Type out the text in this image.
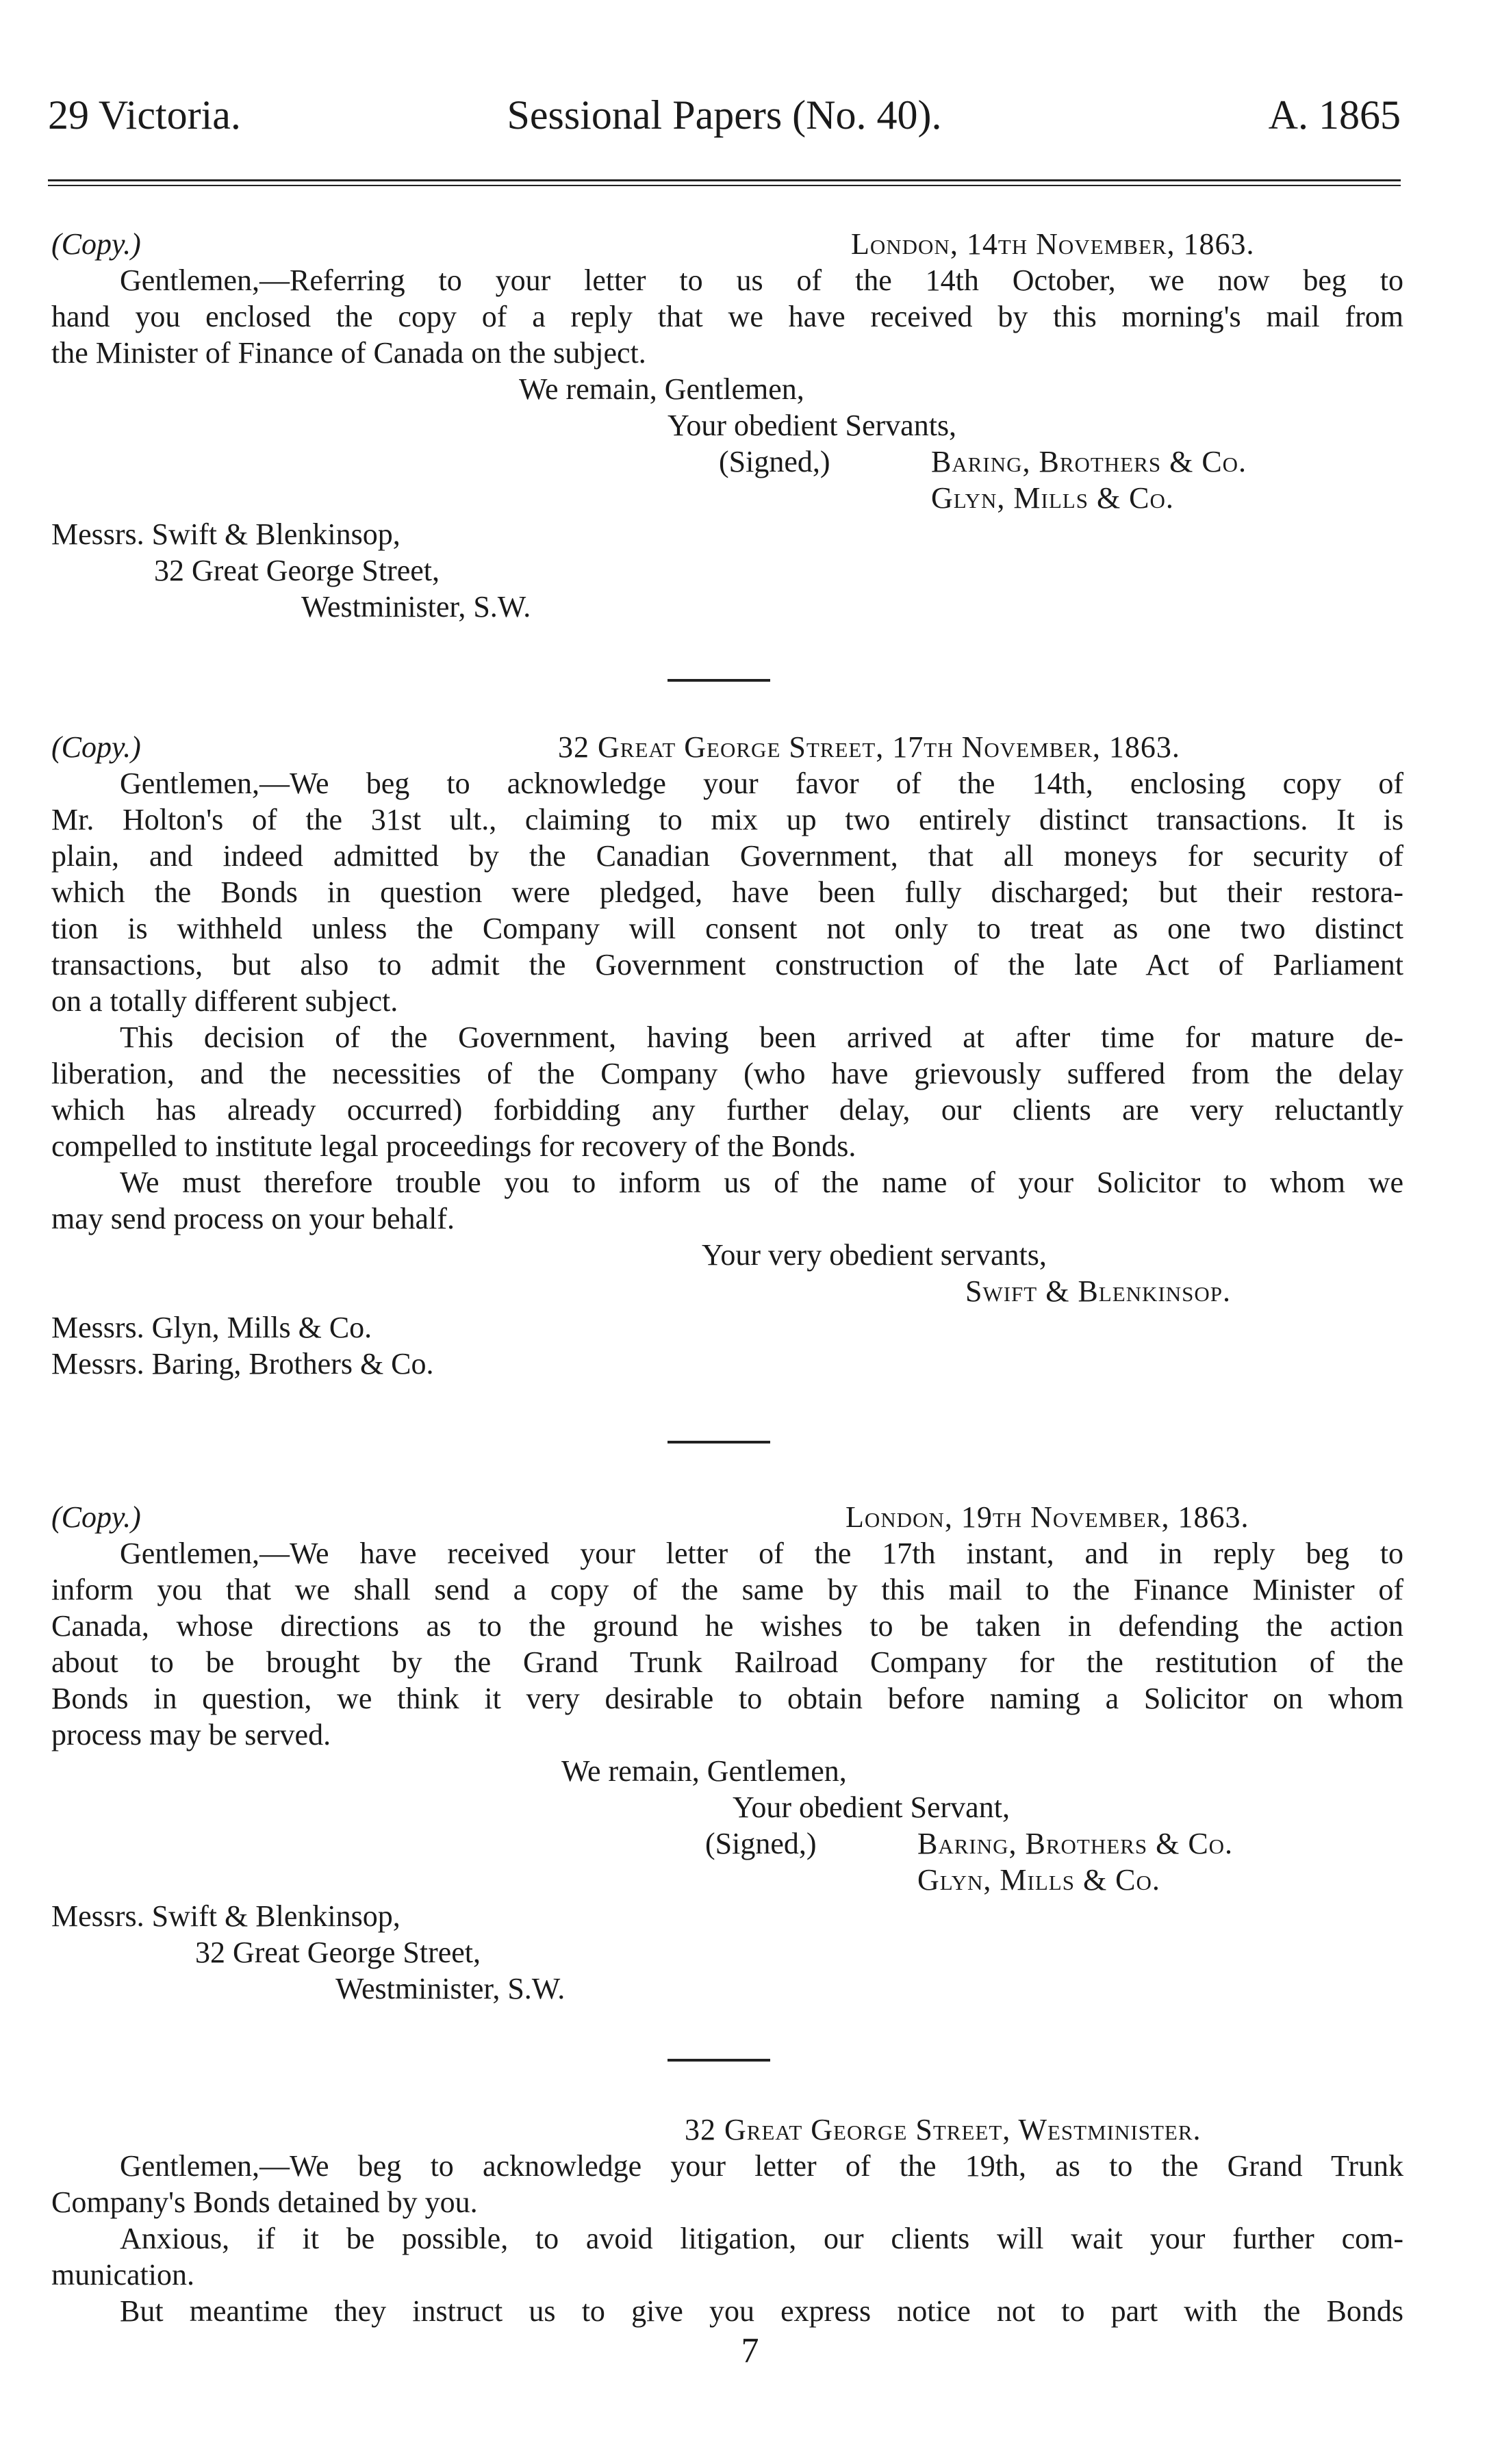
29 Victoria.	Sessional Papers (No. 40).	A. 1865
(Copy.)	London, 14th November, 1863.
Gentlemen,—Referring to your letter to us of the 14th October, we now beg to
hand you enclosed the copy of a reply that we have received by this morning's mail from
the Minister of Finance of Canada on the subject.
We remain, Gentlemen,
Your obedient Servants,
(Signed,)	Baring, Brothers & Co.
Glyn, Mills & Co.
Messrs. Swift & Blenkinsop,
32 Great George Street,
Westminister, S.W.
(Copy.)	32 Great George Street, 17th November, 1863.
Gentlemen,—We beg to acknowledge your favor of the 14th, enclosing copy of
Mr. Holton's of the 31st ult., claiming to mix up two entirely distinct transactions. It is
plain, and indeed admitted by the Canadian Government, that all moneys for security of
which the Bonds in question were pledged, have been fully discharged; but their restora-
tion is withheld unless the Company will consent not only to treat as one two distinct
transactions, but also to admit the Government construction of the late Act of Parliament
on a totally different subject.
This decision of the Government, having been arrived at after time for mature de-
liberation, and the necessities of the Company (who have grievously suffered from the delay
which has already occurred) forbidding any further delay, our clients are very reluctantly
compelled to institute legal proceedings for recovery of the Bonds.
We must therefore trouble you to inform us of the name of your Solicitor to whom we
may send process on your behalf.
Your very obedient servants,
Swift & Blenkinsop.
Messrs. Glyn, Mills & Co.
Messrs. Baring, Brothers & Co.
(Copy.)	London, 19th November, 1863.
Gentlemen,—We have received your letter of the 17th instant, and in reply beg to
inform you that we shall send a copy of the same by this mail to the Finance Minister of
Canada, whose directions as to the ground he wishes to be taken in defending the action
about to be brought by the Grand Trunk Railroad Company for the restitution of the
Bonds in question, we think it very desirable to obtain before naming a Solicitor on whom
process may be served.
We remain, Gentlemen,
Your obedient Servant,
(Signed,)	Baring, Brothers & Co.
Glyn, Mills & Co.
Messrs. Swift & Blenkinsop,
32 Great George Street,
Westminister, S.W.
32 Great George Street, Westminister.
Gentlemen,—We beg to acknowledge your letter of the 19th, as to the Grand Trunk
Company's Bonds detained by you.
Anxious, if it be possible, to avoid litigation, our clients will wait your further com-
munication.
But meantime they instruct us to give you express notice not to part with the Bonds
7
